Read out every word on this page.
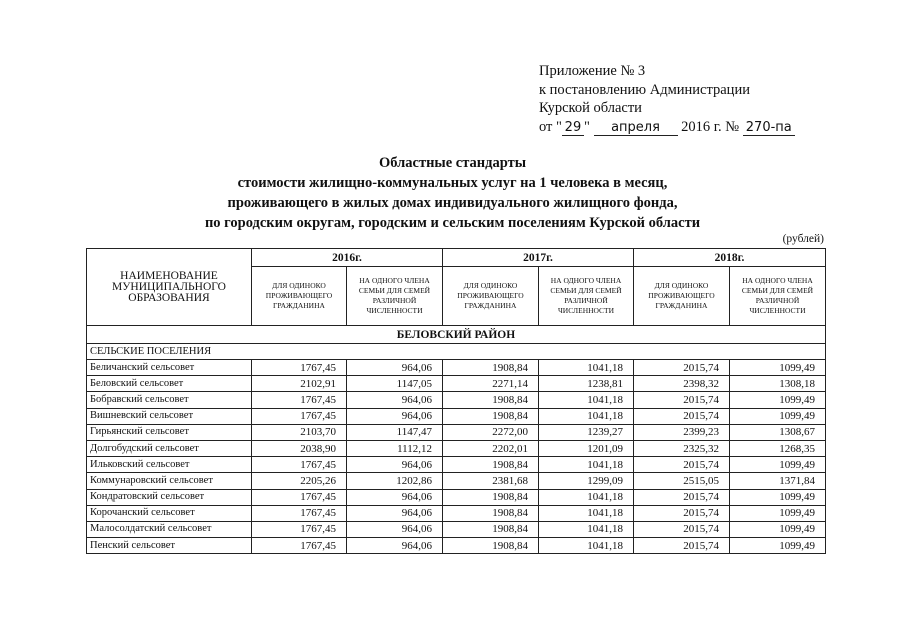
Приложение № 3
к постановлению Администрации
Курской области
от " 29 " апреля 2016 г. № 270-па
Областные стандарты
стоимости жилищно-коммунальных услуг на 1 человека в месяц,
проживающего в жилых домах индивидуального жилищного фонда,
по городским округам, городским и сельским поселениям Курской области
(рублей)
НАИМЕНОВАНИЕ МУНИЦИПАЛЬНОГО ОБРАЗОВАНИЯ	2016г.		2017г.		2018г.	
	ДЛЯ ОДИНОКО ПРОЖИВАЮЩЕГО ГРАЖДАНИНА	НА ОДНОГО ЧЛЕНА СЕМЬИ ДЛЯ СЕМЕЙ РАЗЛИЧНОЙ ЧИСЛЕННОСТИ	ДЛЯ ОДИНОКО ПРОЖИВАЮЩЕГО ГРАЖДАНИНА	НА ОДНОГО ЧЛЕНА СЕМЬИ ДЛЯ СЕМЕЙ РАЗЛИЧНОЙ ЧИСЛЕННОСТИ	ДЛЯ ОДИНОКО ПРОЖИВАЮЩЕГО ГРАЖДАНИНА	НА ОДНОГО ЧЛЕНА СЕМЬИ ДЛЯ СЕМЕЙ РАЗЛИЧНОЙ ЧИСЛЕННОСТИ
БЕЛОВСКИЙ РАЙОН						
СЕЛЬСКИЕ ПОСЕЛЕНИЯ						
Беличанский сельсовет	1767,45	964,06	1908,84	1041,18	2015,74	1099,49
Беловский сельсовет	2102,91	1147,05	2271,14	1238,81	2398,32	1308,18
Бобравский сельсовет	1767,45	964,06	1908,84	1041,18	2015,74	1099,49
Вишневский сельсовет	1767,45	964,06	1908,84	1041,18	2015,74	1099,49
Гирьянский сельсовет	2103,70	1147,47	2272,00	1239,27	2399,23	1308,67
Долгобудский сельсовет	2038,90	1112,12	2202,01	1201,09	2325,32	1268,35
Ильковский сельсовет	1767,45	964,06	1908,84	1041,18	2015,74	1099,49
Коммунаровский сельсовет	2205,26	1202,86	2381,68	1299,09	2515,05	1371,84
Кондратовский сельсовет	1767,45	964,06	1908,84	1041,18	2015,74	1099,49
Корочанский сельсовет	1767,45	964,06	1908,84	1041,18	2015,74	1099,49
Малосолдатский сельсовет	1767,45	964,06	1908,84	1041,18	2015,74	1099,49
Пенский сельсовет	1767,45	964,06	1908,84	1041,18	2015,74	1099,49
